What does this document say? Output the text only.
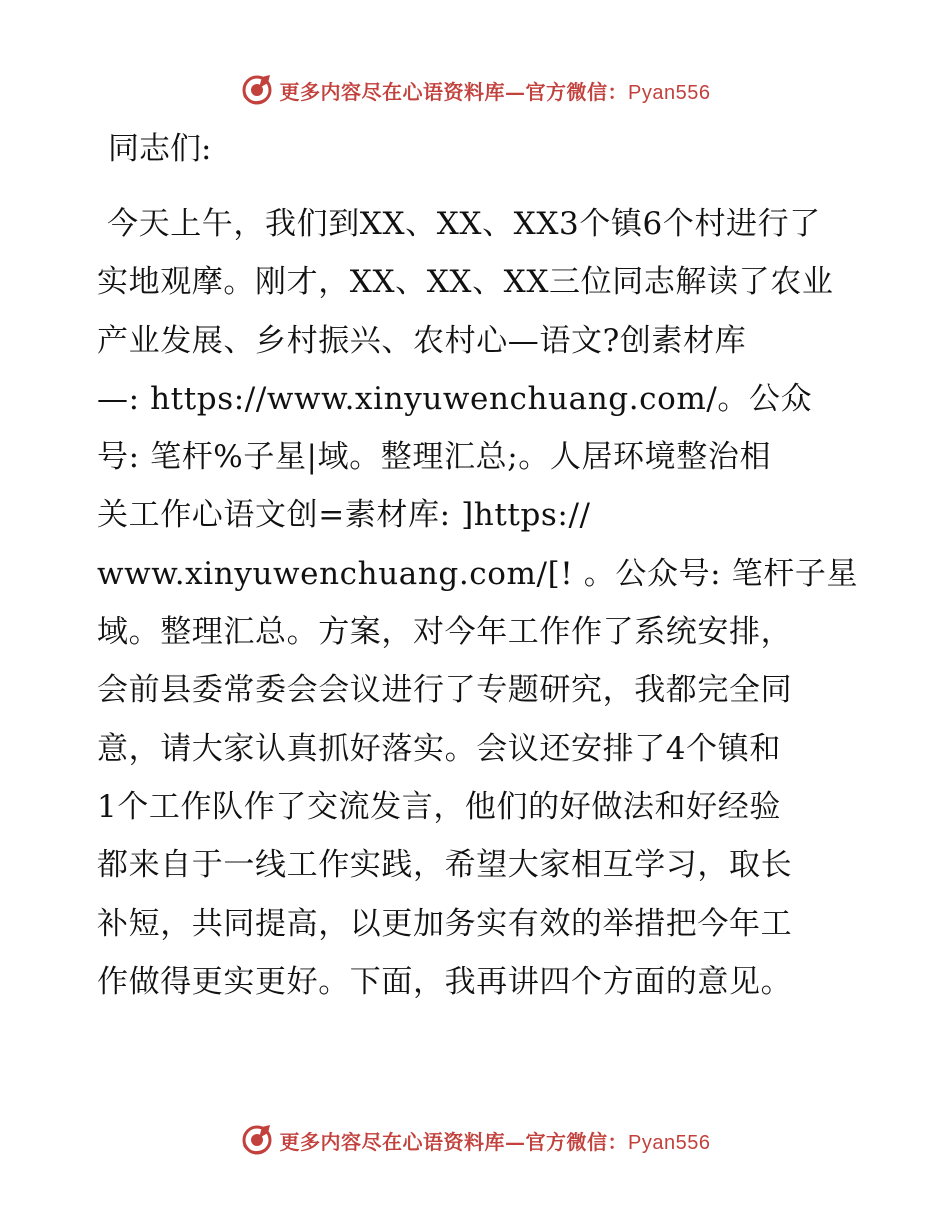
更多内容尽在心语资料库—官方微信：Pyan556
同志们:
今天上午，我们到XX、XX、XX3个镇6个村进行了
实地观摩。刚才，XX、XX、XX三位同志解读了农业
产业发展、乡村振兴、农村心—语文?创素材库
—: https://www.xinyuwenchuang.com/。公众
号: 笔杆%子星|域。整理汇总;。人居环境整治相
关工作心语文创=素材库: ]https://
www.xinyuwenchuang.com/[! 。公众号: 笔杆子星
域。整理汇总。方案，对今年工作作了系统安排，
会前县委常委会会议进行了专题研究，我都完全同
意，请大家认真抓好落实。会议还安排了4个镇和
1个工作队作了交流发言，他们的好做法和好经验
都来自于一线工作实践，希望大家相互学习，取长
补短，共同提高，以更加务实有效的举措把今年工
作做得更实更好。下面，我再讲四个方面的意见。
更多内容尽在心语资料库—官方微信：Pyan556
